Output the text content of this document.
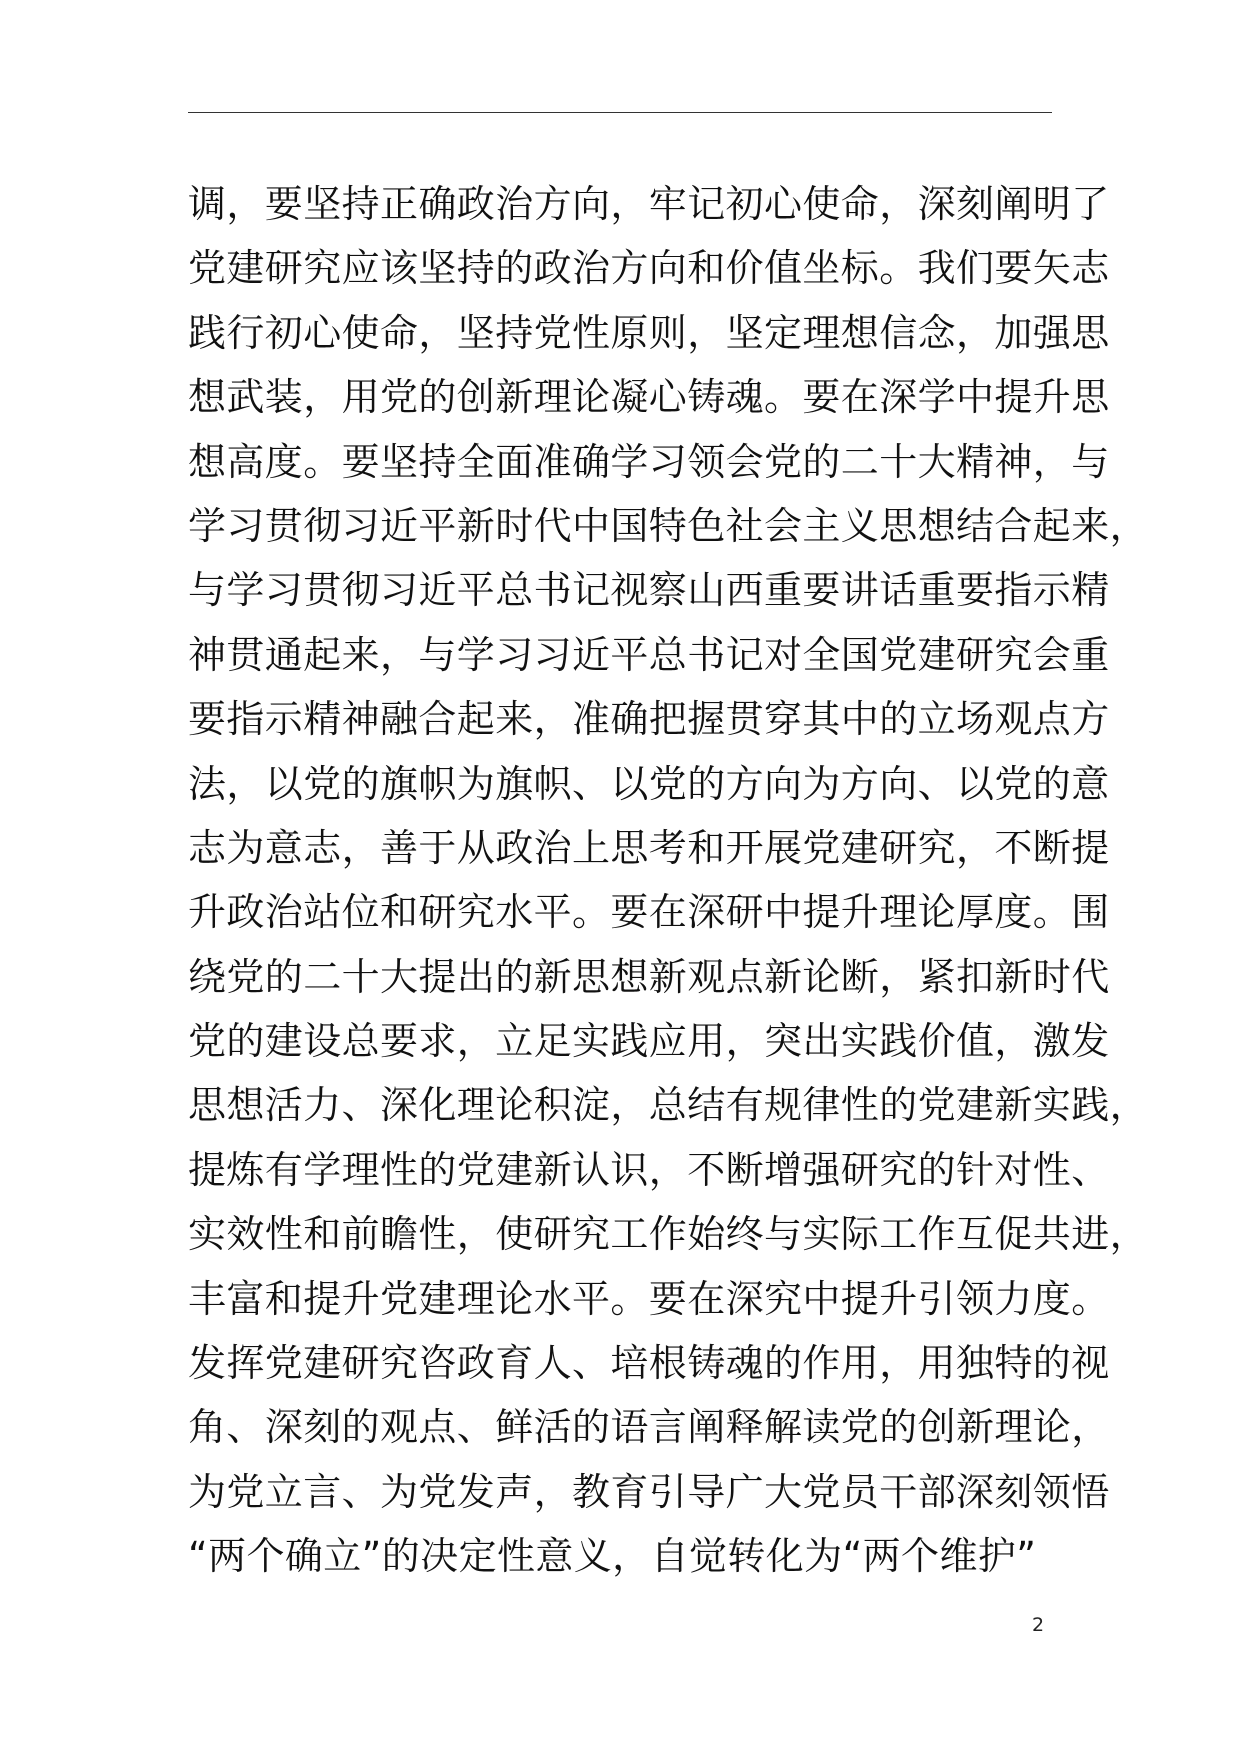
调，要坚持正确政治方向，牢记初心使命，深刻阐明了
党建研究应该坚持的政治方向和价值坐标。我们要矢志
践行初心使命，坚持党性原则，坚定理想信念，加强思
想武装，用党的创新理论凝心铸魂。要在深学中提升思
想高度。要坚持全面准确学习领会党的二十大精神，与
学习贯彻习近平新时代中国特色社会主义思想结合起来，
与学习贯彻习近平总书记视察山西重要讲话重要指示精
神贯通起来，与学习习近平总书记对全国党建研究会重
要指示精神融合起来，准确把握贯穿其中的立场观点方
法，以党的旗帜为旗帜、以党的方向为方向、以党的意
志为意志，善于从政治上思考和开展党建研究，不断提
升政治站位和研究水平。要在深研中提升理论厚度。围
绕党的二十大提出的新思想新观点新论断，紧扣新时代
党的建设总要求，立足实践应用，突出实践价值，激发
思想活力、深化理论积淀，总结有规律性的党建新实践，
提炼有学理性的党建新认识，不断增强研究的针对性、
实效性和前瞻性，使研究工作始终与实际工作互促共进，
丰富和提升党建理论水平。要在深究中提升引领力度。
发挥党建研究咨政育人、培根铸魂的作用，用独特的视
角、深刻的观点、鲜活的语言阐释解读党的创新理论，
为党立言、为党发声，教育引导广大党员干部深刻领悟
“两个确立”的决定性意义，自觉转化为“两个维护”
2
